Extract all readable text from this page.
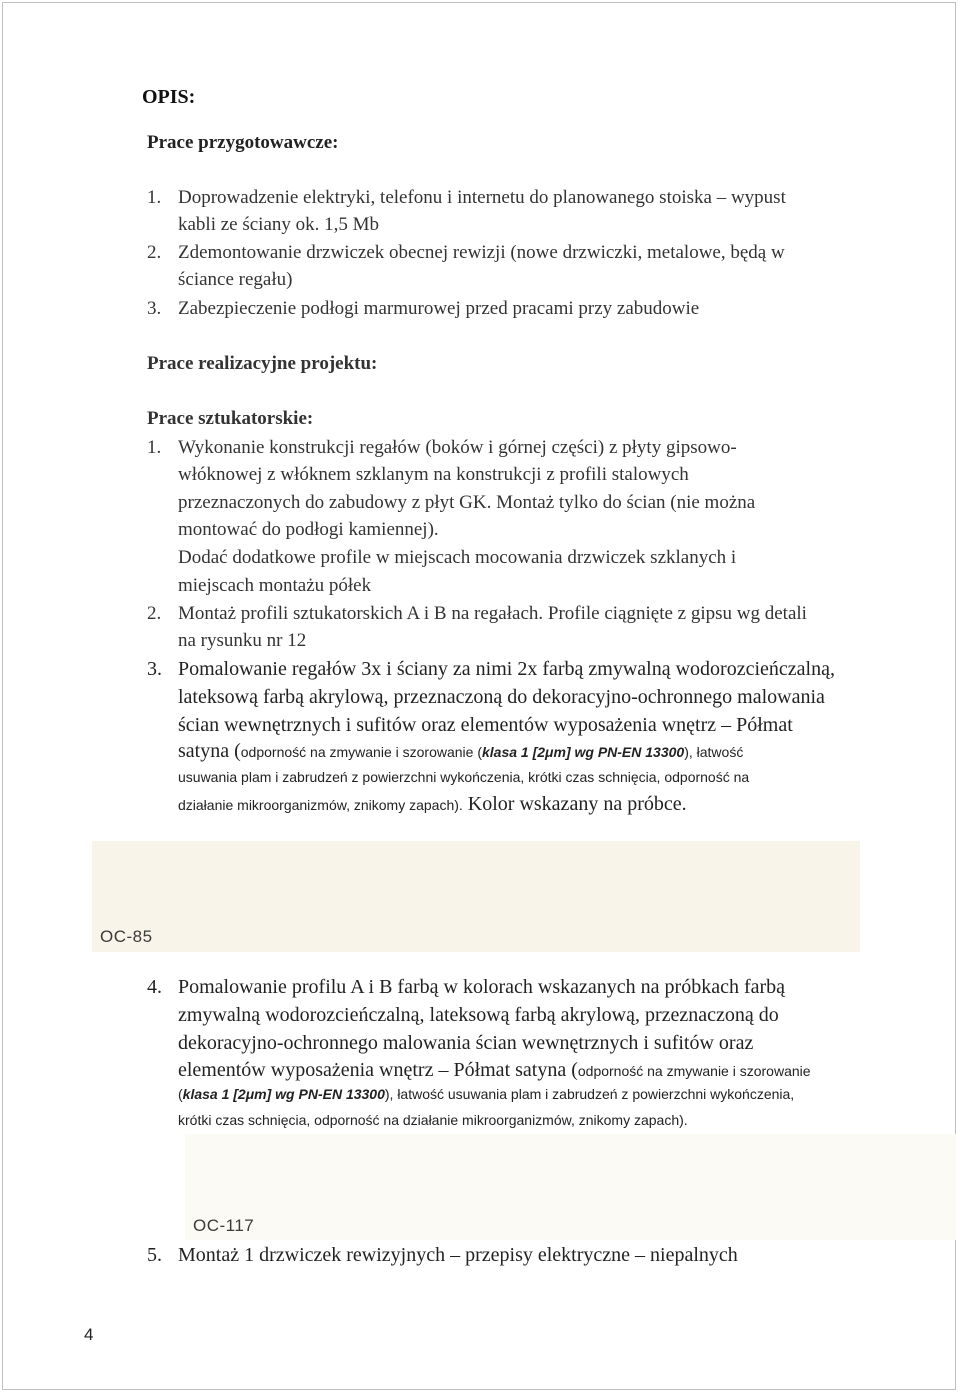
OPIS:
Prace przygotowawcze:
1. Doprowadzenie elektryki, telefonu i internetu do planowanego stoiska – wypust
kabli ze ściany ok. 1,5 Mb
2. Zdemontowanie drzwiczek obecnej rewizji (nowe drzwiczki, metalowe, będą w
ściance regału)
3. Zabezpieczenie podłogi marmurowej przed pracami przy zabudowie
Prace realizacyjne projektu:
Prace sztukatorskie:
1. Wykonanie konstrukcji regałów (boków i górnej części) z płyty gipsowo-
włóknowej z włóknem szklanym na konstrukcji z profili stalowych
przeznaczonych do zabudowy z płyt GK. Montaż tylko do ścian (nie można
montować do podłogi kamiennej).
Dodać dodatkowe profile w miejscach mocowania drzwiczek szklanych i
miejscach montażu półek
2. Montaż profili sztukatorskich A i B na regałach. Profile ciągnięte z gipsu wg detali
na rysunku nr 12
3. Pomalowanie regałów 3x i ściany za nimi 2x farbą zmywalną wodorozcieńczalną,
lateksową farbą akrylową, przeznaczoną do dekoracyjno-ochronnego malowania
ścian wewnętrznych i sufitów oraz elementów wyposażenia wnętrz – Półmat
satyna (odporność na zmywanie i szorowanie (klasa 1 [2μm] wg PN-EN 13300), łatwość
usuwania plam i zabrudzeń z powierzchni wykończenia, krótki czas schnięcia, odporność na
działanie mikroorganizmów, znikomy zapach). Kolor wskazany na próbce.
OC-85
4. Pomalowanie profilu A i B farbą w kolorach wskazanych na próbkach farbą
zmywalną wodorozcieńczalną, lateksową farbą akrylową, przeznaczoną do
dekoracyjno-ochronnego malowania ścian wewnętrznych i sufitów oraz
elementów wyposażenia wnętrz – Półmat satyna (odporność na zmywanie i szorowanie
(klasa 1 [2μm] wg PN-EN 13300), łatwość usuwania plam i zabrudzeń z powierzchni wykończenia,
krótki czas schnięcia, odporność na działanie mikroorganizmów, znikomy zapach).
OC-117
5. Montaż 1 drzwiczek rewizyjnych – przepisy elektryczne – niepalnych
4
